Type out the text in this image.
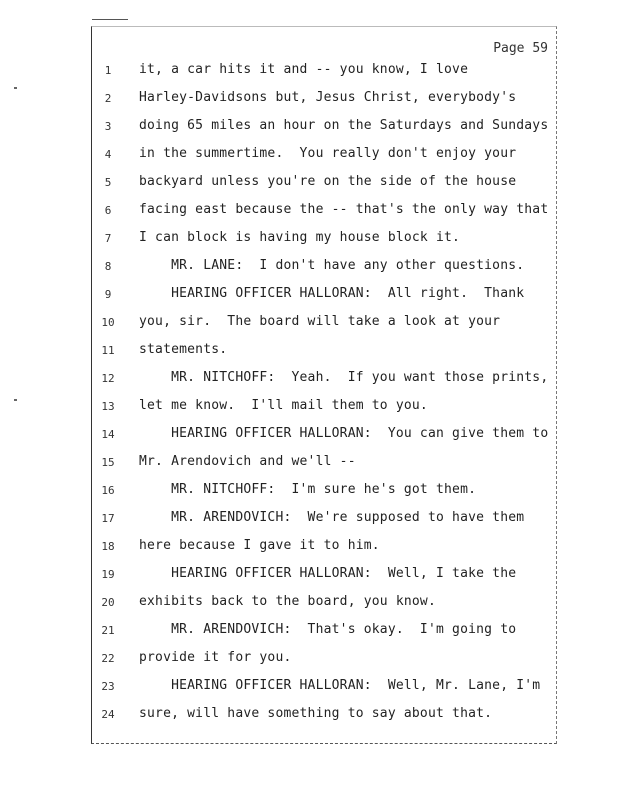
Page 59
1	it, a car hits it and -- you know, I love
2	Harley-Davidsons but, Jesus Christ, everybody's
3	doing 65 miles an hour on the Saturdays and Sundays
4	in the summertime.  You really don't enjoy your
5	backyard unless you're on the side of the house
6	facing east because the -- that's the only way that
7	I can block is having my house block it.
8	MR. LANE:  I don't have any other questions.
9	HEARING OFFICER HALLORAN:  All right.  Thank
10	you, sir.  The board will take a look at your
11	statements.
12	MR. NITCHOFF:  Yeah.  If you want those prints,
13	let me know.  I'll mail them to you.
14	HEARING OFFICER HALLORAN:  You can give them to
15	Mr. Arendovich and we'll --
16	MR. NITCHOFF:  I'm sure he's got them.
17	MR. ARENDOVICH:  We're supposed to have them
18	here because I gave it to him.
19	HEARING OFFICER HALLORAN:  Well, I take the
20	exhibits back to the board, you know.
21	MR. ARENDOVICH:  That's okay.  I'm going to
22	provide it for you.
23	HEARING OFFICER HALLORAN:  Well, Mr. Lane, I'm
24	sure, will have something to say about that.
